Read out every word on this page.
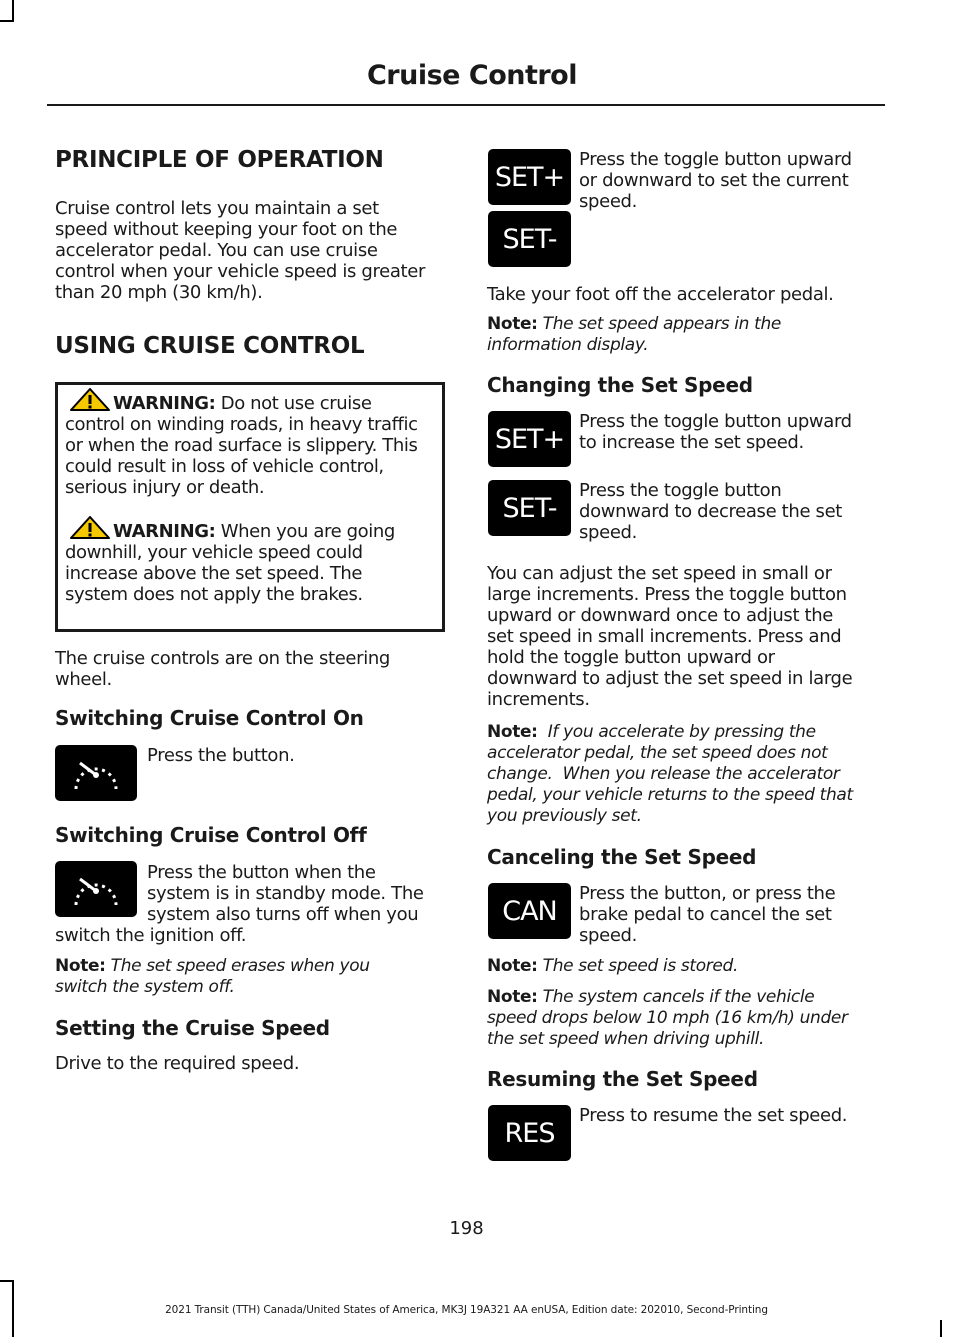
Cruise Control
PRINCIPLE OF OPERATION
Cruise control lets you maintain a set
speed without keeping your foot on the
accelerator pedal. You can use cruise
control when your vehicle speed is greater
than 20 mph (30 km/h).
USING CRUISE CONTROL
WARNING: Do not use cruise
control on winding roads, in heavy traffic
or when the road surface is slippery. This
could result in loss of vehicle control,
serious injury or death.
WARNING: When you are going
downhill, your vehicle speed could
increase above the set speed. The
system does not apply the brakes.
The cruise controls are on the steering
wheel.
Switching Cruise Control On
Press the button.
Switching Cruise Control Off
Press the button when the
system is in standby mode. The
system also turns off when you
switch the ignition off.
Note: The set speed erases when you
switch the system off.
Setting the Cruise Speed
Drive to the required speed.
SET+
SET-
Press the toggle button upward
or downward to set the current
speed.
Take your foot off the accelerator pedal.
Note: The set speed appears in the
information display.
Changing the Set Speed
SET+
Press the toggle button upward
to increase the set speed.
SET-
Press the toggle button
downward to decrease the set
speed.
You can adjust the set speed in small or
large increments. Press the toggle button
upward or downward once to adjust the
set speed in small increments. Press and
hold the toggle button upward or
downward to adjust the set speed in large
increments.
Note:  If you accelerate by pressing the
accelerator pedal, the set speed does not
change.  When you release the accelerator
pedal, your vehicle returns to the speed that
you previously set.
Canceling the Set Speed
CAN
Press the button, or press the
brake pedal to cancel the set
speed.
Note: The set speed is stored.
Note: The system cancels if the vehicle
speed drops below 10 mph (16 km/h) under
the set speed when driving uphill.
Resuming the Set Speed
RES
Press to resume the set speed.
198
2021 Transit (TTH) Canada/United States of America, MK3J 19A321 AA enUSA, Edition date: 202010, Second-Printing
